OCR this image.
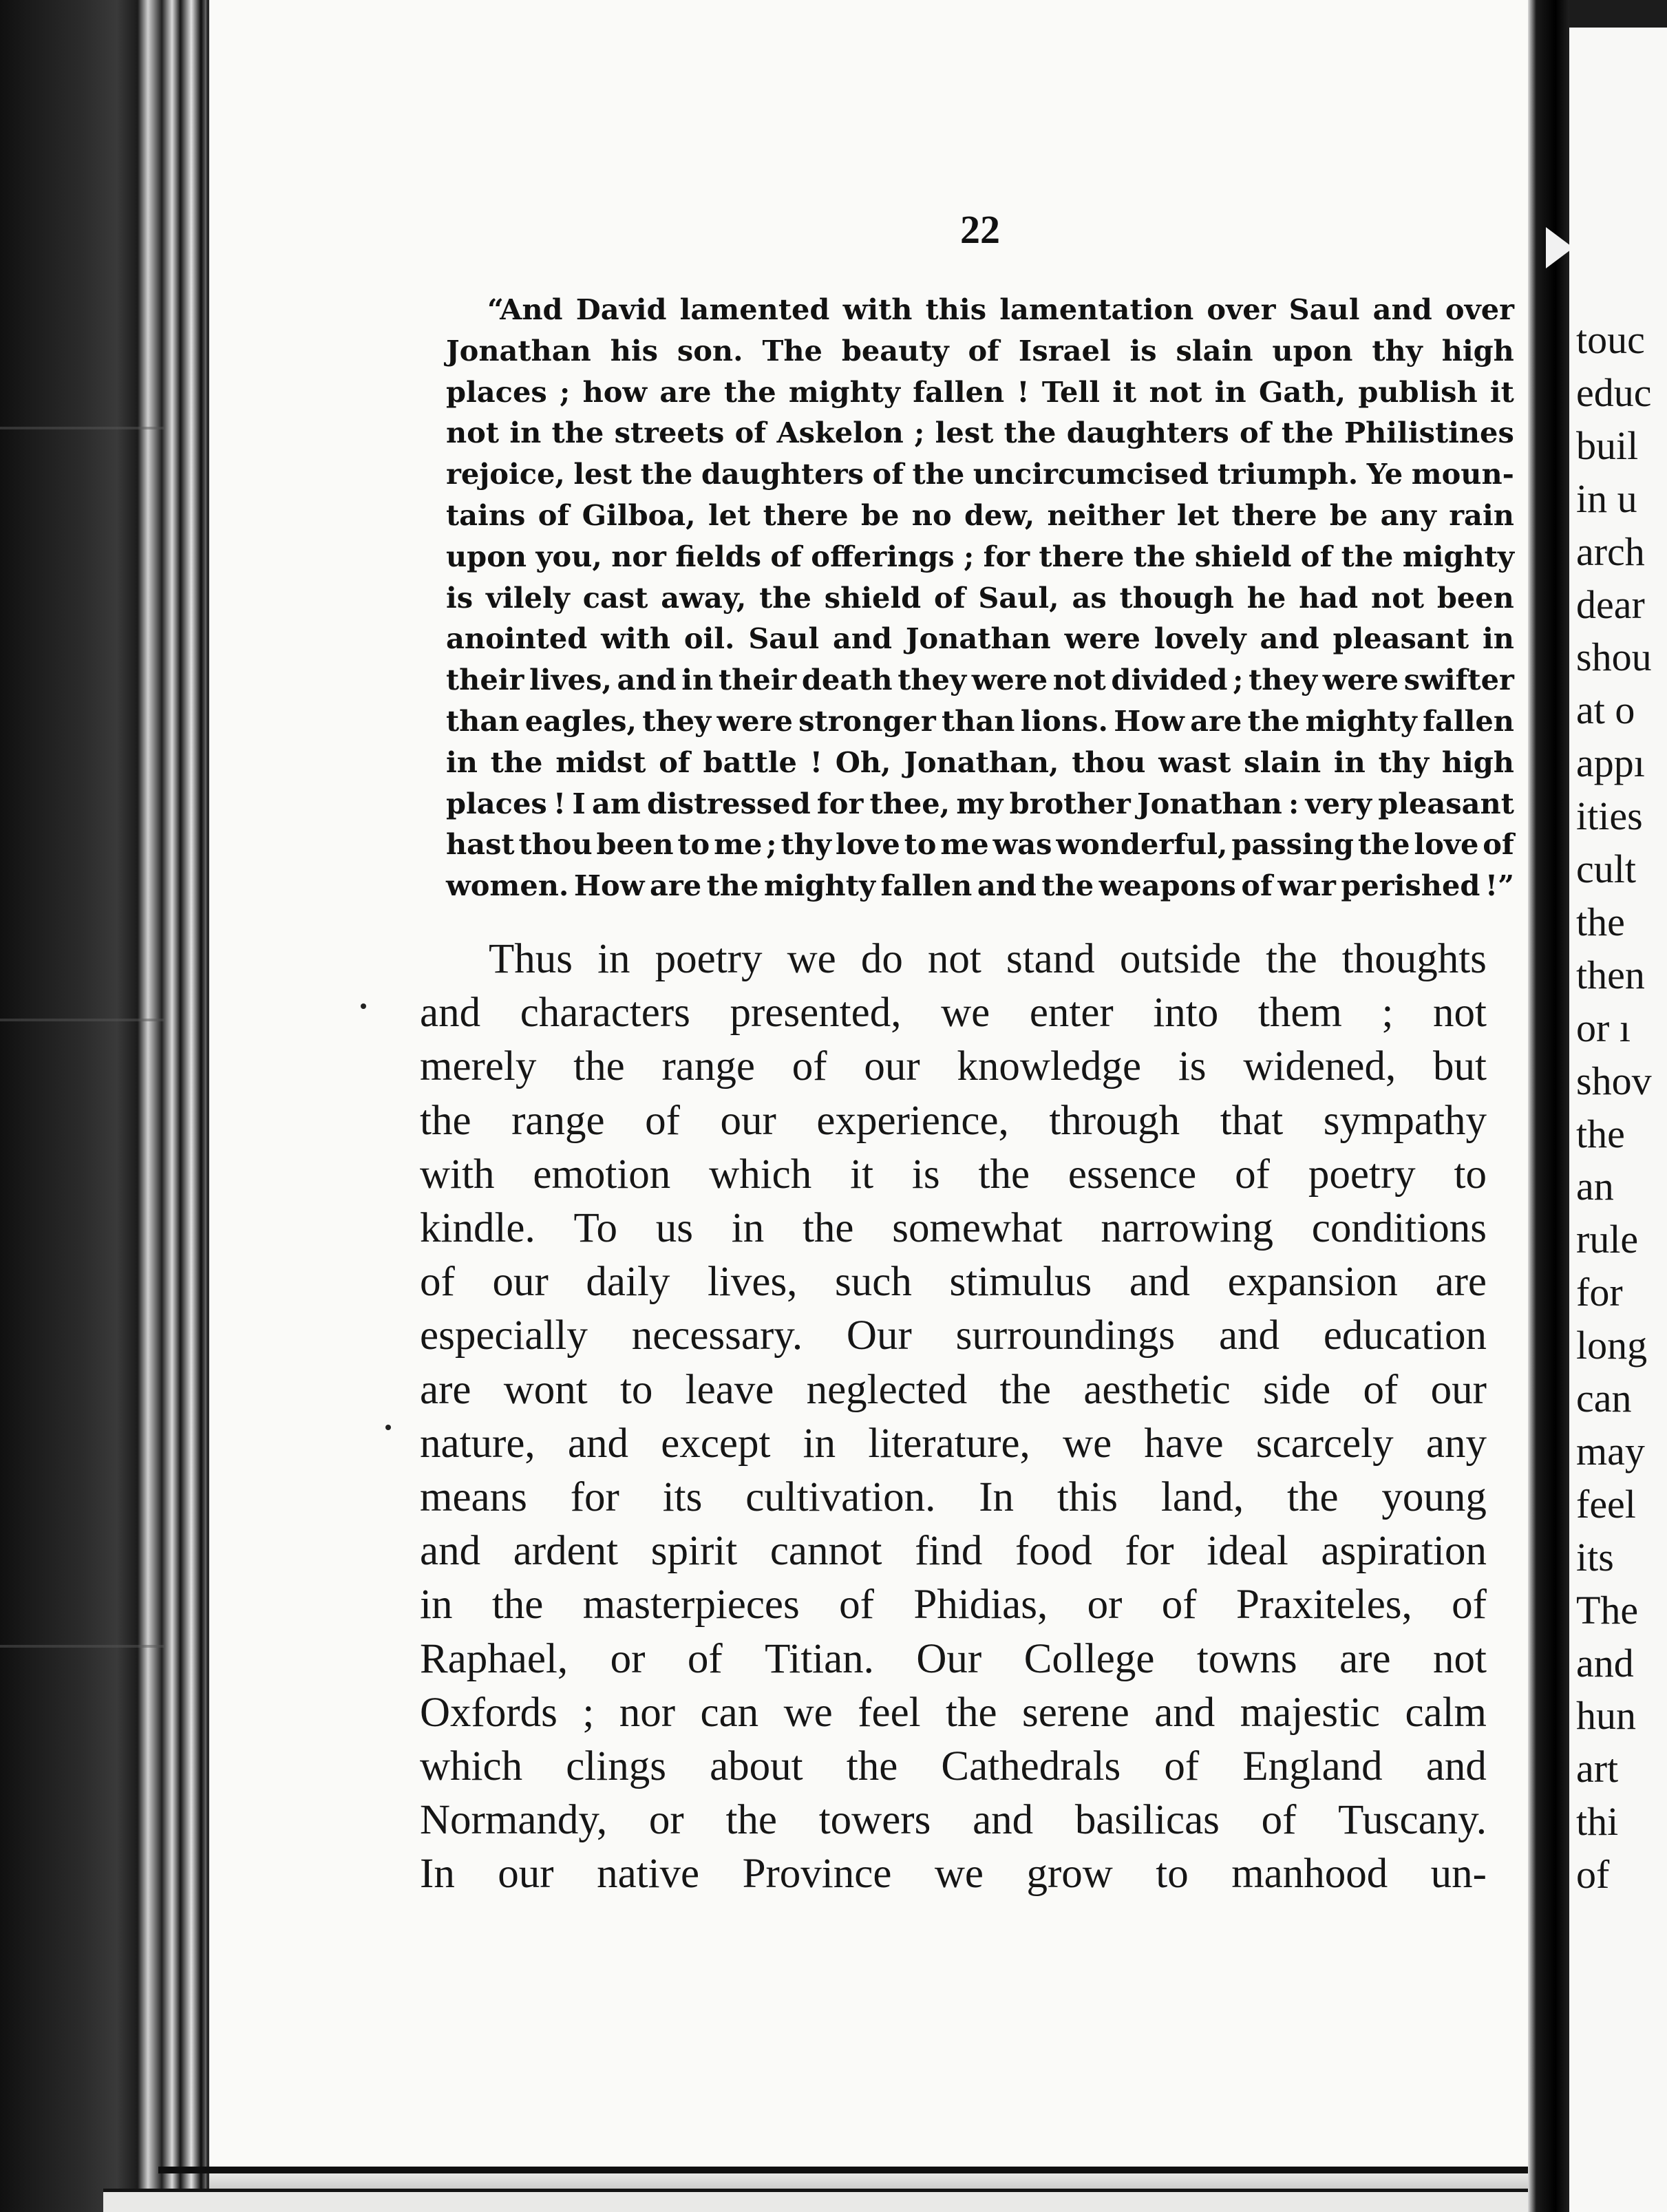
touc
educ
buil
in u
arch
dear
shou
at o
appı
ities
cult
the
then
or ı
shov
the
an
rule
for
long
can
may
feel
its
The
and
hun
art
thi
of
22
“And David lamented with this lamentation over Saul and over
Jonathan his son. The beauty of Israel is slain upon thy high
places ; how are the mighty fallen ! Tell it not in Gath, publish it
not in the streets of Askelon ; lest the daughters of the Philistines
rejoice, lest the daughters of the uncircumcised triumph. Ye moun-
tains of Gilboa, let there be no dew, neither let there be any rain
upon you, nor fields of offerings ; for there the shield of the mighty
is vilely cast away, the shield of Saul, as though he had not been
anointed with oil. Saul and Jonathan were lovely and pleasant in
their lives, and in their death they were not divided ; they were swifter
than eagles, they were stronger than lions. How are the mighty fallen
in the midst of battle ! Oh, Jonathan, thou wast slain in thy high
places ! I am distressed for thee, my brother Jonathan : very pleasant
hast thou been to me ; thy love to me was wonderful, passing the love of
women. How are the mighty fallen and the weapons of war perished !”
Thus in poetry we do not stand outside the thoughts
and characters presented, we enter into them ; not
merely the range of our knowledge is widened, but
the range of our experience, through that sympathy
with emotion which it is the essence of poetry to
kindle. To us in the somewhat narrowing conditions
of our daily lives, such stimulus and expansion are
especially necessary. Our surroundings and education
are wont to leave neglected the aesthetic side of our
nature, and except in literature, we have scarcely any
means for its cultivation. In this land, the young
and ardent spirit cannot find food for ideal aspiration
in the masterpieces of Phidias, or of Praxiteles, of
Raphael, or of Titian. Our College towns are not
Oxfords ; nor can we feel the serene and majestic calm
which clings about the Cathedrals of England and
Normandy, or the towers and basilicas of Tuscany.
In our native Province we grow to manhood un-
